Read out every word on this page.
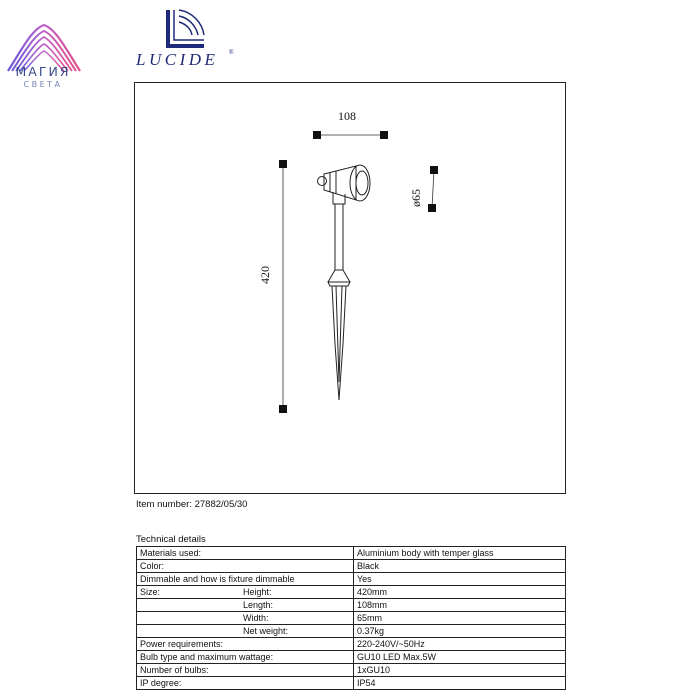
МАГИЯ
СВЕТА
LUCIDE ®
108
ø65
420
Item number: 27882/05/30
Technical details
Materials used:	Aluminium body with temper glass
Color:	Black
Dimmable and how is fixture dimmable	Yes

Size: Height:	420mm

Length:	108mm

Width:	65mm

Net weight:	0.37kg
Power requirements:	220-240V/~50Hz
Bulb type and maximum wattage:	GU10 LED Max.5W
Number of bulbs:	1xGU10
IP degree:	IP54
